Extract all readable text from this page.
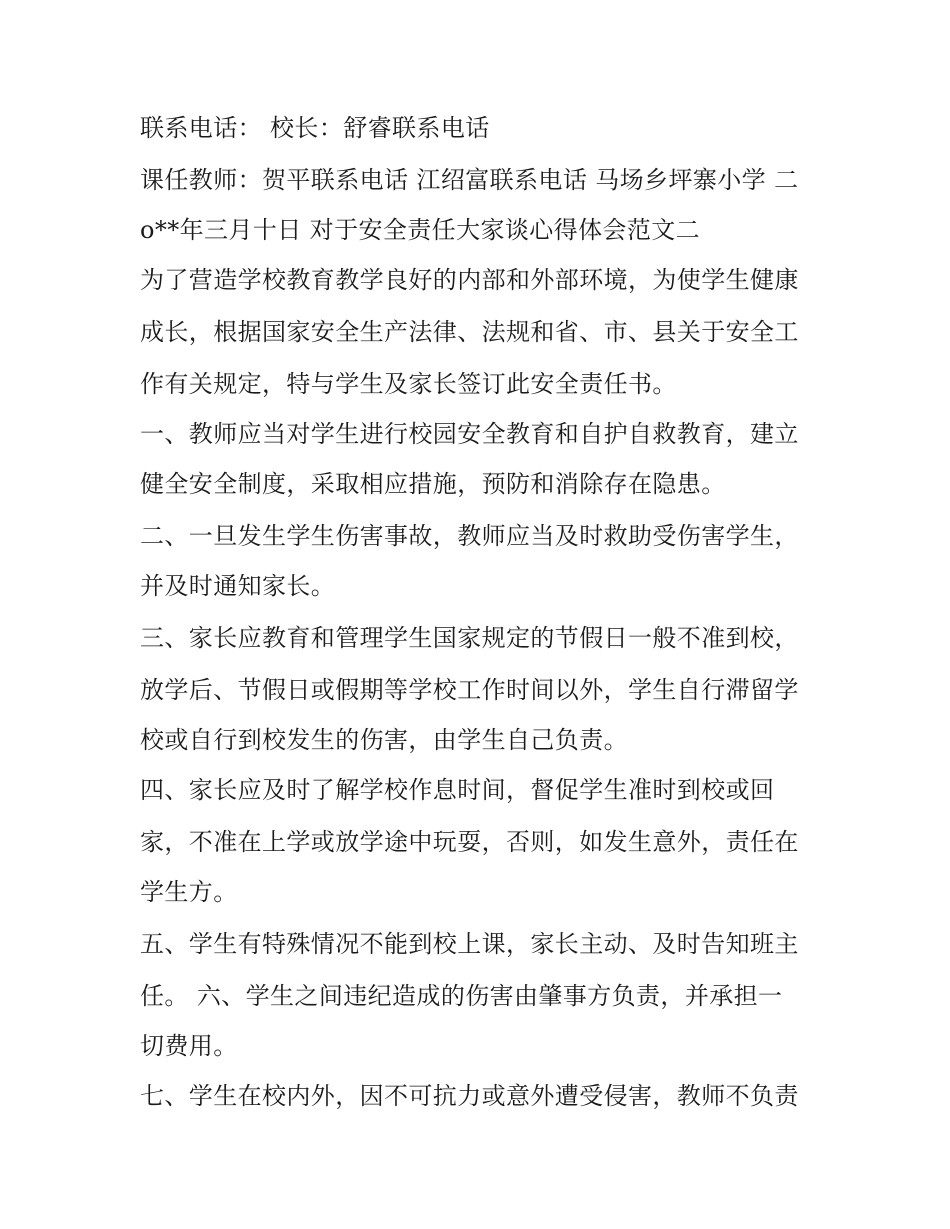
联系电话： 校长：舒睿联系电话
课任教师：贺平联系电话 江绍富联系电话 马场乡坪寨小学 二
o**年三月十日 对于安全责任大家谈心得体会范文二
为了营造学校教育教学良好的内部和外部环境，为使学生健康
成长，根据国家安全生产法律、法规和省、市、县关于安全工
作有关规定，特与学生及家长签订此安全责任书。
一、教师应当对学生进行校园安全教育和自护自救教育，建立
健全安全制度，采取相应措施，预防和消除存在隐患。
二、一旦发生学生伤害事故，教师应当及时救助受伤害学生，
并及时通知家长。
三、家长应教育和管理学生国家规定的节假日一般不准到校，
放学后、节假日或假期等学校工作时间以外，学生自行滞留学
校或自行到校发生的伤害，由学生自己负责。
四、家长应及时了解学校作息时间，督促学生准时到校或回
家，不准在上学或放学途中玩耍，否则，如发生意外，责任在
学生方。
五、学生有特殊情况不能到校上课，家长主动、及时告知班主
任。 六、学生之间违纪造成的伤害由肇事方负责，并承担一
切费用。
七、学生在校内外，因不可抗力或意外遭受侵害，教师不负责
